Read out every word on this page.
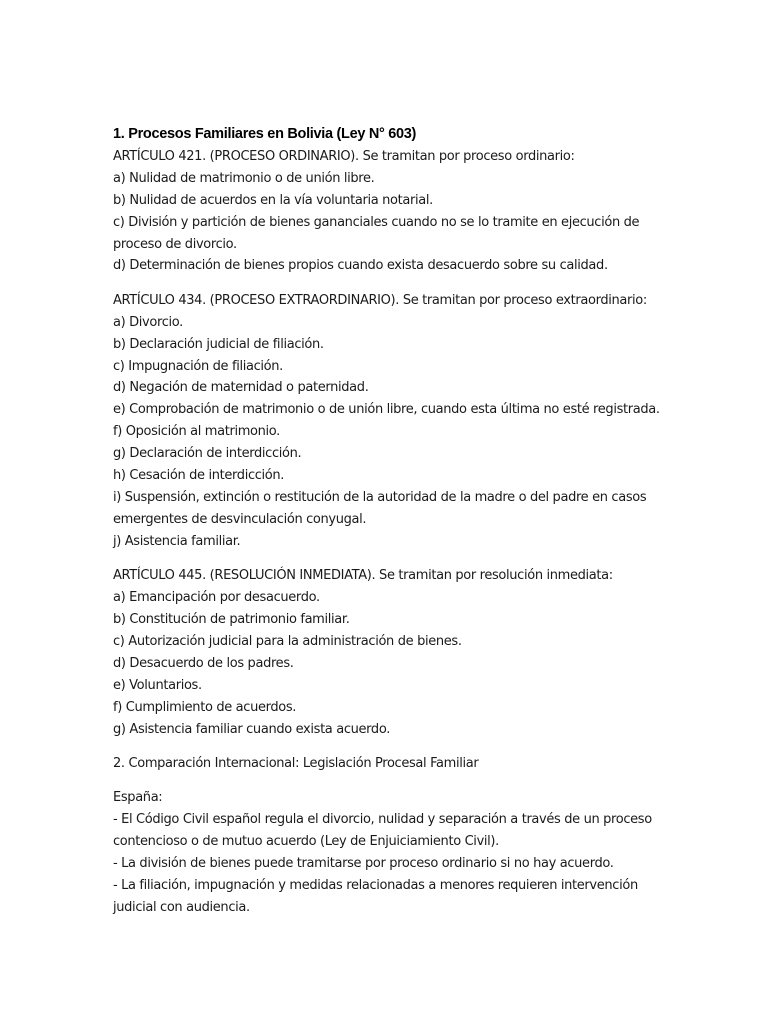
1. Procesos Familiares en Bolivia (Ley N° 603)
ARTÍCULO 421. (PROCESO ORDINARIO). Se tramitan por proceso ordinario:
a) Nulidad de matrimonio o de unión libre.
b) Nulidad de acuerdos en la vía voluntaria notarial.
c) División y partición de bienes gananciales cuando no se lo tramite en ejecución de
proceso de divorcio.
d) Determinación de bienes propios cuando exista desacuerdo sobre su calidad.
ARTÍCULO 434. (PROCESO EXTRAORDINARIO). Se tramitan por proceso extraordinario:
a) Divorcio.
b) Declaración judicial de filiación.
c) Impugnación de filiación.
d) Negación de maternidad o paternidad.
e) Comprobación de matrimonio o de unión libre, cuando esta última no esté registrada.
f) Oposición al matrimonio.
g) Declaración de interdicción.
h) Cesación de interdicción.
i) Suspensión, extinción o restitución de la autoridad de la madre o del padre en casos
emergentes de desvinculación conyugal.
j) Asistencia familiar.
ARTÍCULO 445. (RESOLUCIÓN INMEDIATA). Se tramitan por resolución inmediata:
a) Emancipación por desacuerdo.
b) Constitución de patrimonio familiar.
c) Autorización judicial para la administración de bienes.
d) Desacuerdo de los padres.
e) Voluntarios.
f) Cumplimiento de acuerdos.
g) Asistencia familiar cuando exista acuerdo.
2. Comparación Internacional: Legislación Procesal Familiar
España:
- El Código Civil español regula el divorcio, nulidad y separación a través de un proceso
contencioso o de mutuo acuerdo (Ley de Enjuiciamiento Civil).
- La división de bienes puede tramitarse por proceso ordinario si no hay acuerdo.
- La filiación, impugnación y medidas relacionadas a menores requieren intervención
judicial con audiencia.
